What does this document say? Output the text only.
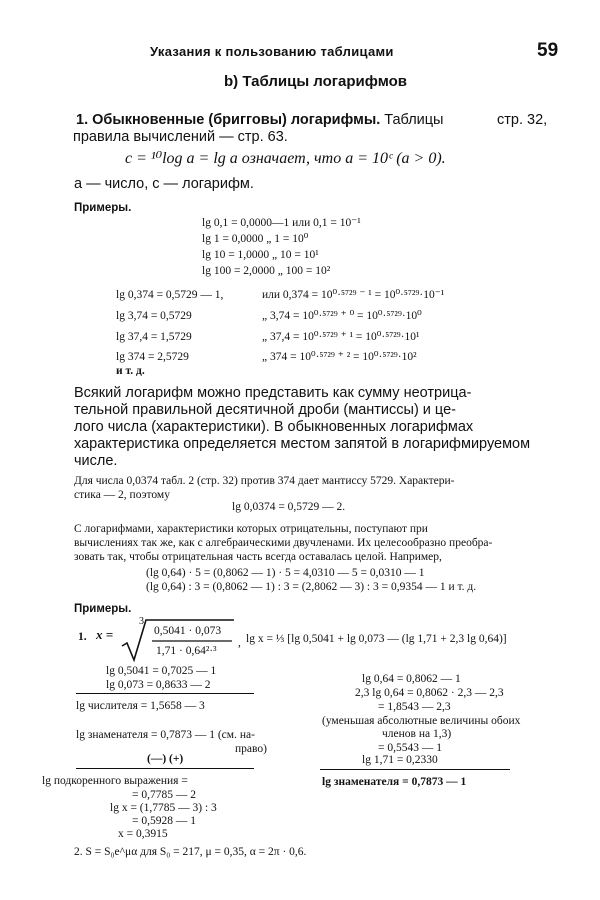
Указания к пользованию таблицами	59
b) Таблицы логарифмов
1. Обыкновенные (бригговы) логарифмы. Таблицы	стр. 32,
правила вычислений — стр. 63.
c = ¹⁰log a = lg a означает, что a = 10ᶜ (a > 0).
a — число, c — логарифм.
Примеры.
lg 0,1 = 0,0000—1 или 0,1 = 10⁻¹
lg 1 = 0,0000 „ 1 = 10⁰
lg 10 = 1,0000 „ 10 = 10¹
lg 100 = 2,0000 „ 100 = 10²
lg 0,374 = 0,5729 — 1,	или 0,374 = 10⁰·⁵⁷²⁹ ⁻ ¹ = 10⁰·⁵⁷²⁹·10⁻¹
lg 3,74 = 0,5729	„ 3,74 = 10⁰·⁵⁷²⁹ ⁺ ⁰ = 10⁰·⁵⁷²⁹·10⁰
lg 37,4 = 1,5729	„ 37,4 = 10⁰·⁵⁷²⁹ ⁺ ¹ = 10⁰·⁵⁷²⁹·10¹
lg 374 = 2,5729	„ 374 = 10⁰·⁵⁷²⁹ ⁺ ² = 10⁰·⁵⁷²⁹·10²
и т. д.
Всякий логарифм можно представить как сумму неотрица-
тельной правильной десятичной дроби (мантиссы) и це-
лого числа (характеристики). В обыкновенных логарифмах
характеристика определяется местом запятой в логарифмируемом
числе.
Для числа 0,0374 табл. 2 (стр. 32) против 374 дает мантиссу 5729. Характери-
стика — 2, поэтому
lg 0,0374 = 0,5729 — 2.
С логарифмами, характеристики которых отрицательны, поступают при
вычислениях так же, как с алгебраическими двучленами. Их целесообразно преобра-
зовать так, чтобы отрицательная часть всегда оставалась целой. Например,
(lg 0,64) · 5 = (0,8062 — 1) · 5 = 4,0310 — 5 = 0,0310 — 1
(lg 0,64) : 3 = (0,8062 — 1) : 3 = (2,8062 — 3) : 3 = 0,9354 — 1 и т. д.
Примеры.
1. x =
3
0,5041 · 0,073
1,71 · 0,64²·³
, lg x = ⅓ [lg 0,5041 + lg 0,073 — (lg 1,71 + 2,3 lg 0,64)]
lg 0,5041 = 0,7025 — 1
lg 0,073 = 0,8633 — 2
lg числителя = 1,5658 — 3
lg знаменателя = 0,7873 — 1 (см. на-
право)
(—) (+)
lg 0,64 = 0,8062 — 1
2,3 lg 0,64 = 0,8062 · 2,3 — 2,3
= 1,8543 — 2,3
(уменьшая абсолютные величины обоих
членов на 1,3)
= 0,5543 — 1
lg 1,71 = 0,2330
lg знаменателя = 0,7873 — 1
lg подкоренного выражения =
= 0,7785 — 2
lg x = (1,7785 — 3) : 3
= 0,5928 — 1
x = 0,3915
2. S = S₀e^μα для S₀ = 217, μ = 0,35, α = 2π · 0,6.
